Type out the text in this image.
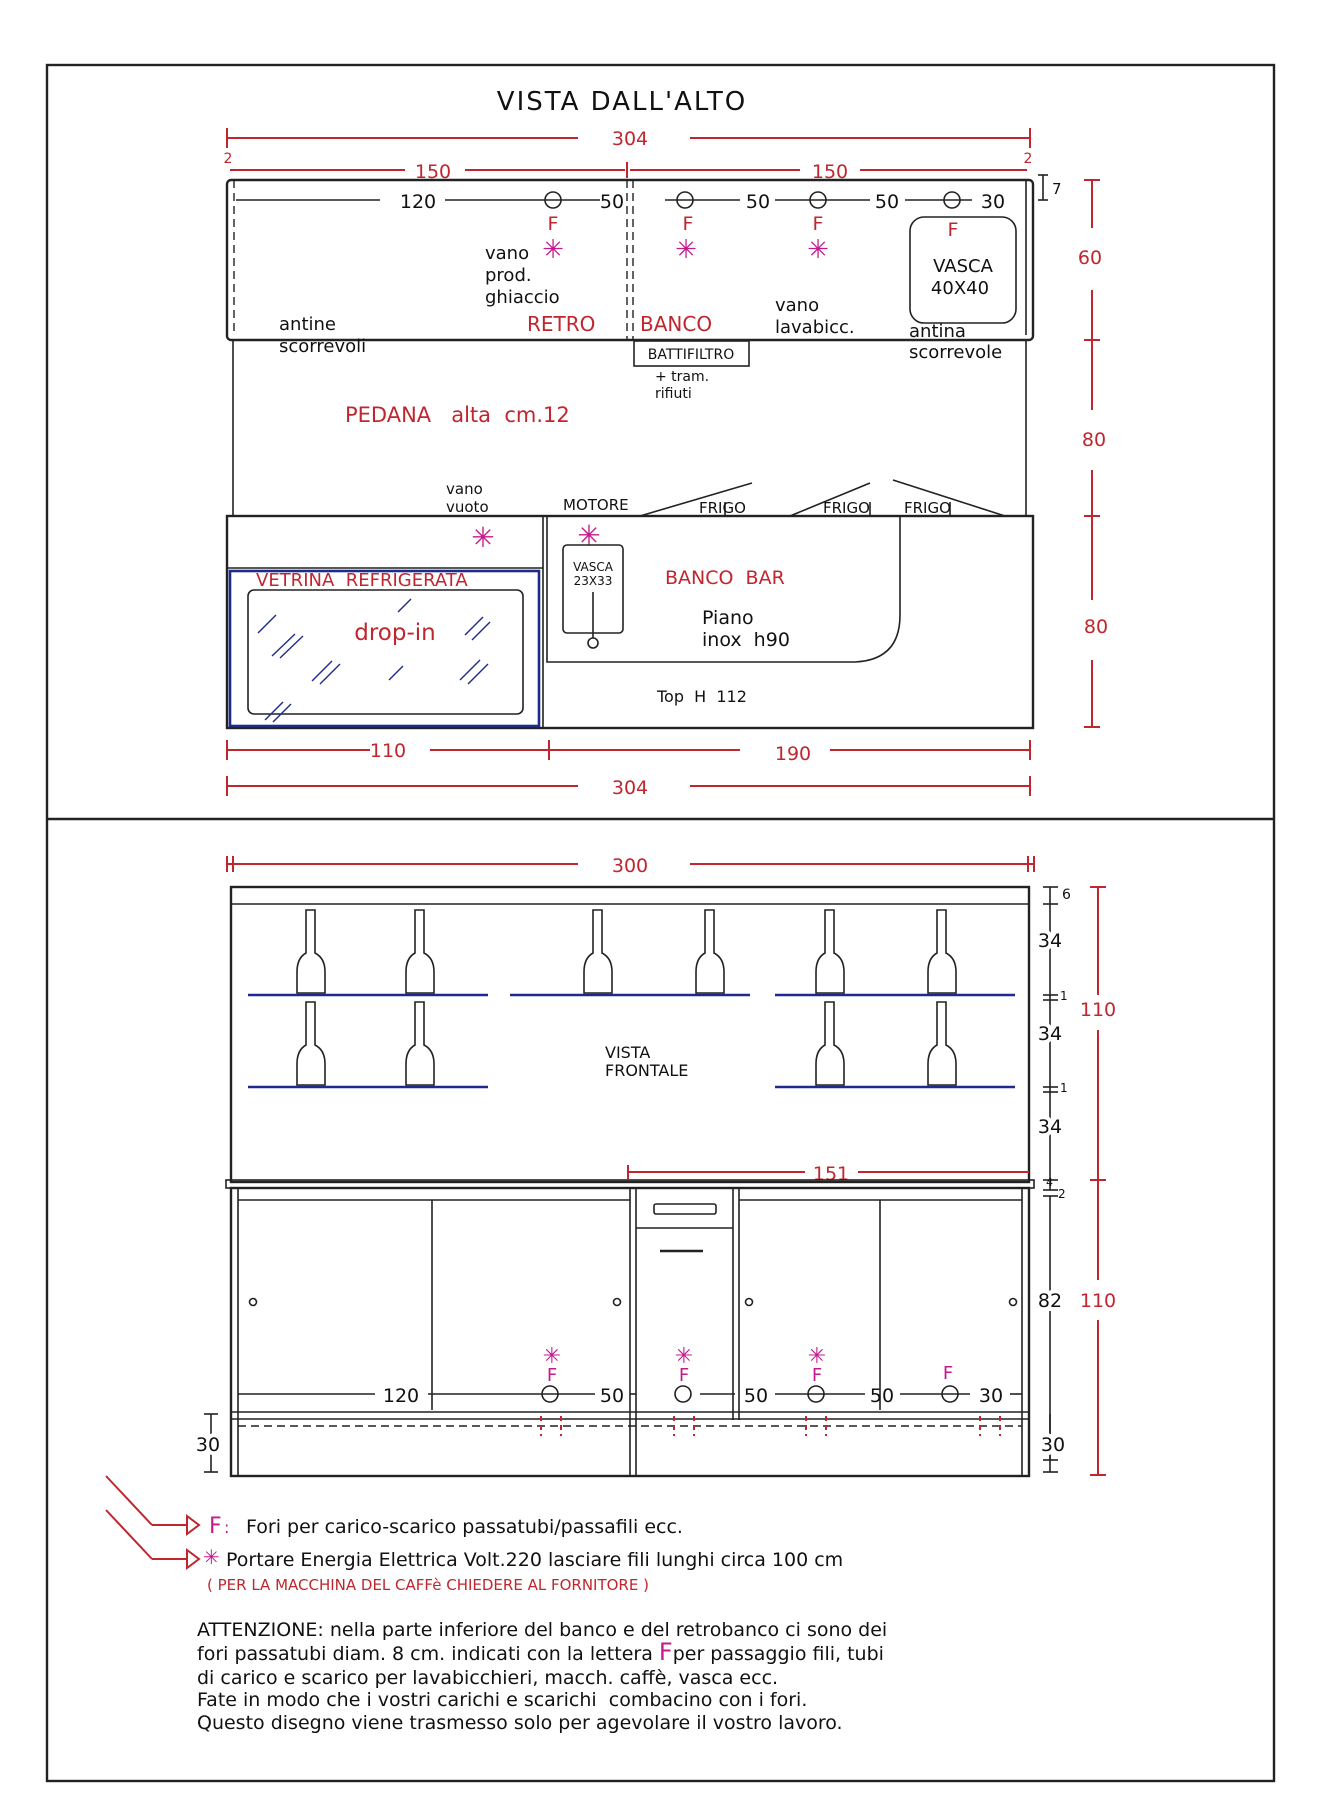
VISTA DALL'ALTO
304
150	150
2	2
7
120	50	50	50	30
F	F	F	F
✳	✳	✳
vano
prod.
ghiaccio
antine
scorrevoli
RETRO BANCO
vano
lavabicc.
VASCA
40X40
antina
scorrevole
BATTIFILTRO
+ tram.
rifiuti
PEDANA   alta  cm.12
60
80
80
MOTORE	FRIGO	FRIGO FRIGO
vano
vuoto
✳	✳
VETRINA  REFRIGERATA
drop-in
VASCA
23X33	BANCO  BAR
Piano
inox  h90
Top  H  112
110	190
304
300
VISTA
FRONTALE
6
34
1
34
1
34
4
2
82
110
110
151
120	50	50	50	30
✳	✳	✳
F	F	F	F
30	30
F : Fori per carico-scarico passatubi/passafili ecc.
✳ Portare Energia Elettrica Volt.220 lasciare fili lunghi circa 100 cm
( PER LA MACCHINA DEL CAFFè CHIEDERE AL FORNITORE )
ATTENZIONE: nella parte inferiore del banco e del retrobanco ci sono dei
fori passatubi diam. 8 cm. indicati con la lettera Fper passaggio fili, tubi
di carico e scarico per lavabicchieri, macch. caffè, vasca ecc.
Fate in modo che i vostri carichi e scarichi  combacino con i fori.
Questo disegno viene trasmesso solo per agevolare il vostro lavoro.
